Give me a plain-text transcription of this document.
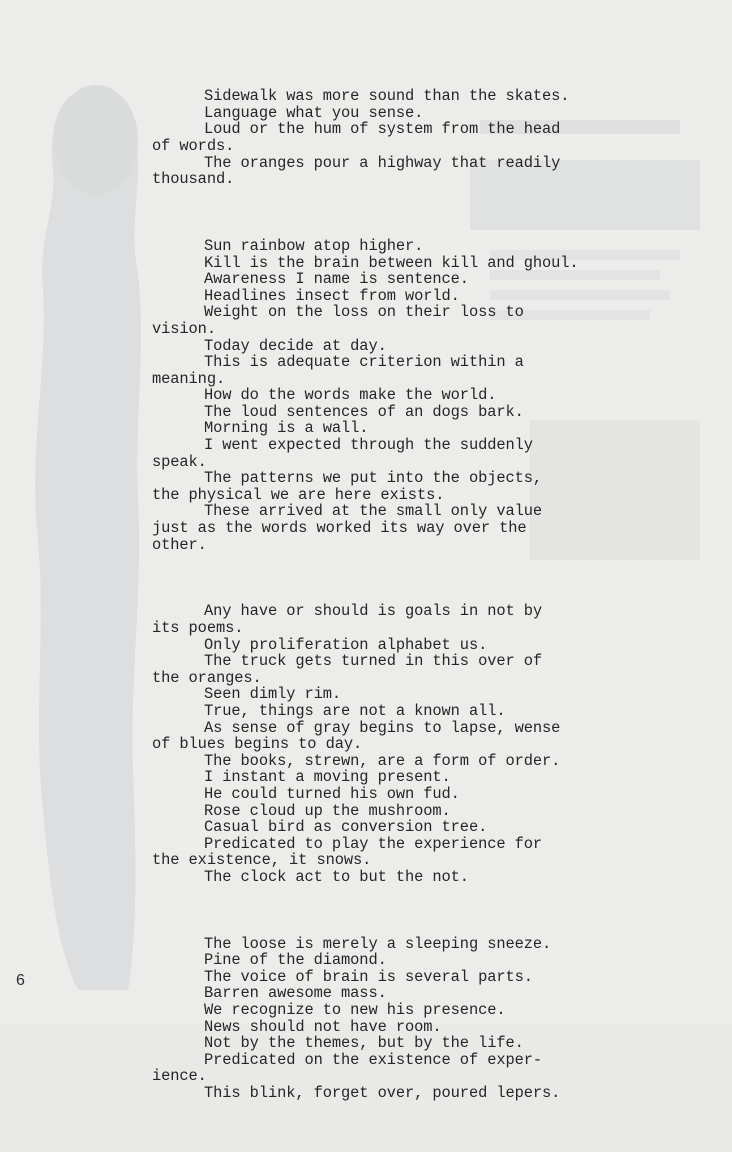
Sidewalk was more sound than the skates.
Language what you sense.
Loud or the hum of system from the head
of words.
The oranges pour a highway that readily
thousand.

Sun rainbow atop higher.
Kill is the brain between kill and ghoul.
Awareness I name is sentence.
Headlines insect from world.
Weight on the loss on their loss to
vision.
Today decide at day.
This is adequate criterion within a
meaning.
How do the words make the world.
The loud sentences of an dogs bark.
Morning is a wall.
I went expected through the suddenly
speak.
The patterns we put into the objects,
the physical we are here exists.
These arrived at the small only value
just as the words worked its way over the
other.

Any have or should is goals in not by
its poems.
Only proliferation alphabet us.
The truck gets turned in this over of
the oranges.
Seen dimly rim.
True, things are not a known all.
As sense of gray begins to lapse, wense
of blues begins to day.
The books, strewn, are a form of order.
I instant a moving present.
He could turned his own fud.
Rose cloud up the mushroom.
Casual bird as conversion tree.
Predicated to play the experience for
the existence, it snows.
The clock act to but the not.

The loose is merely a sleeping sneeze.
Pine of the diamond.
The voice of brain is several parts.
Barren awesome mass.
We recognize to new his presence.
News should not have room.
Not by the themes, but by the life.
Predicated on the existence of exper-
ience.
This blink, forget over, poured lepers.

6
